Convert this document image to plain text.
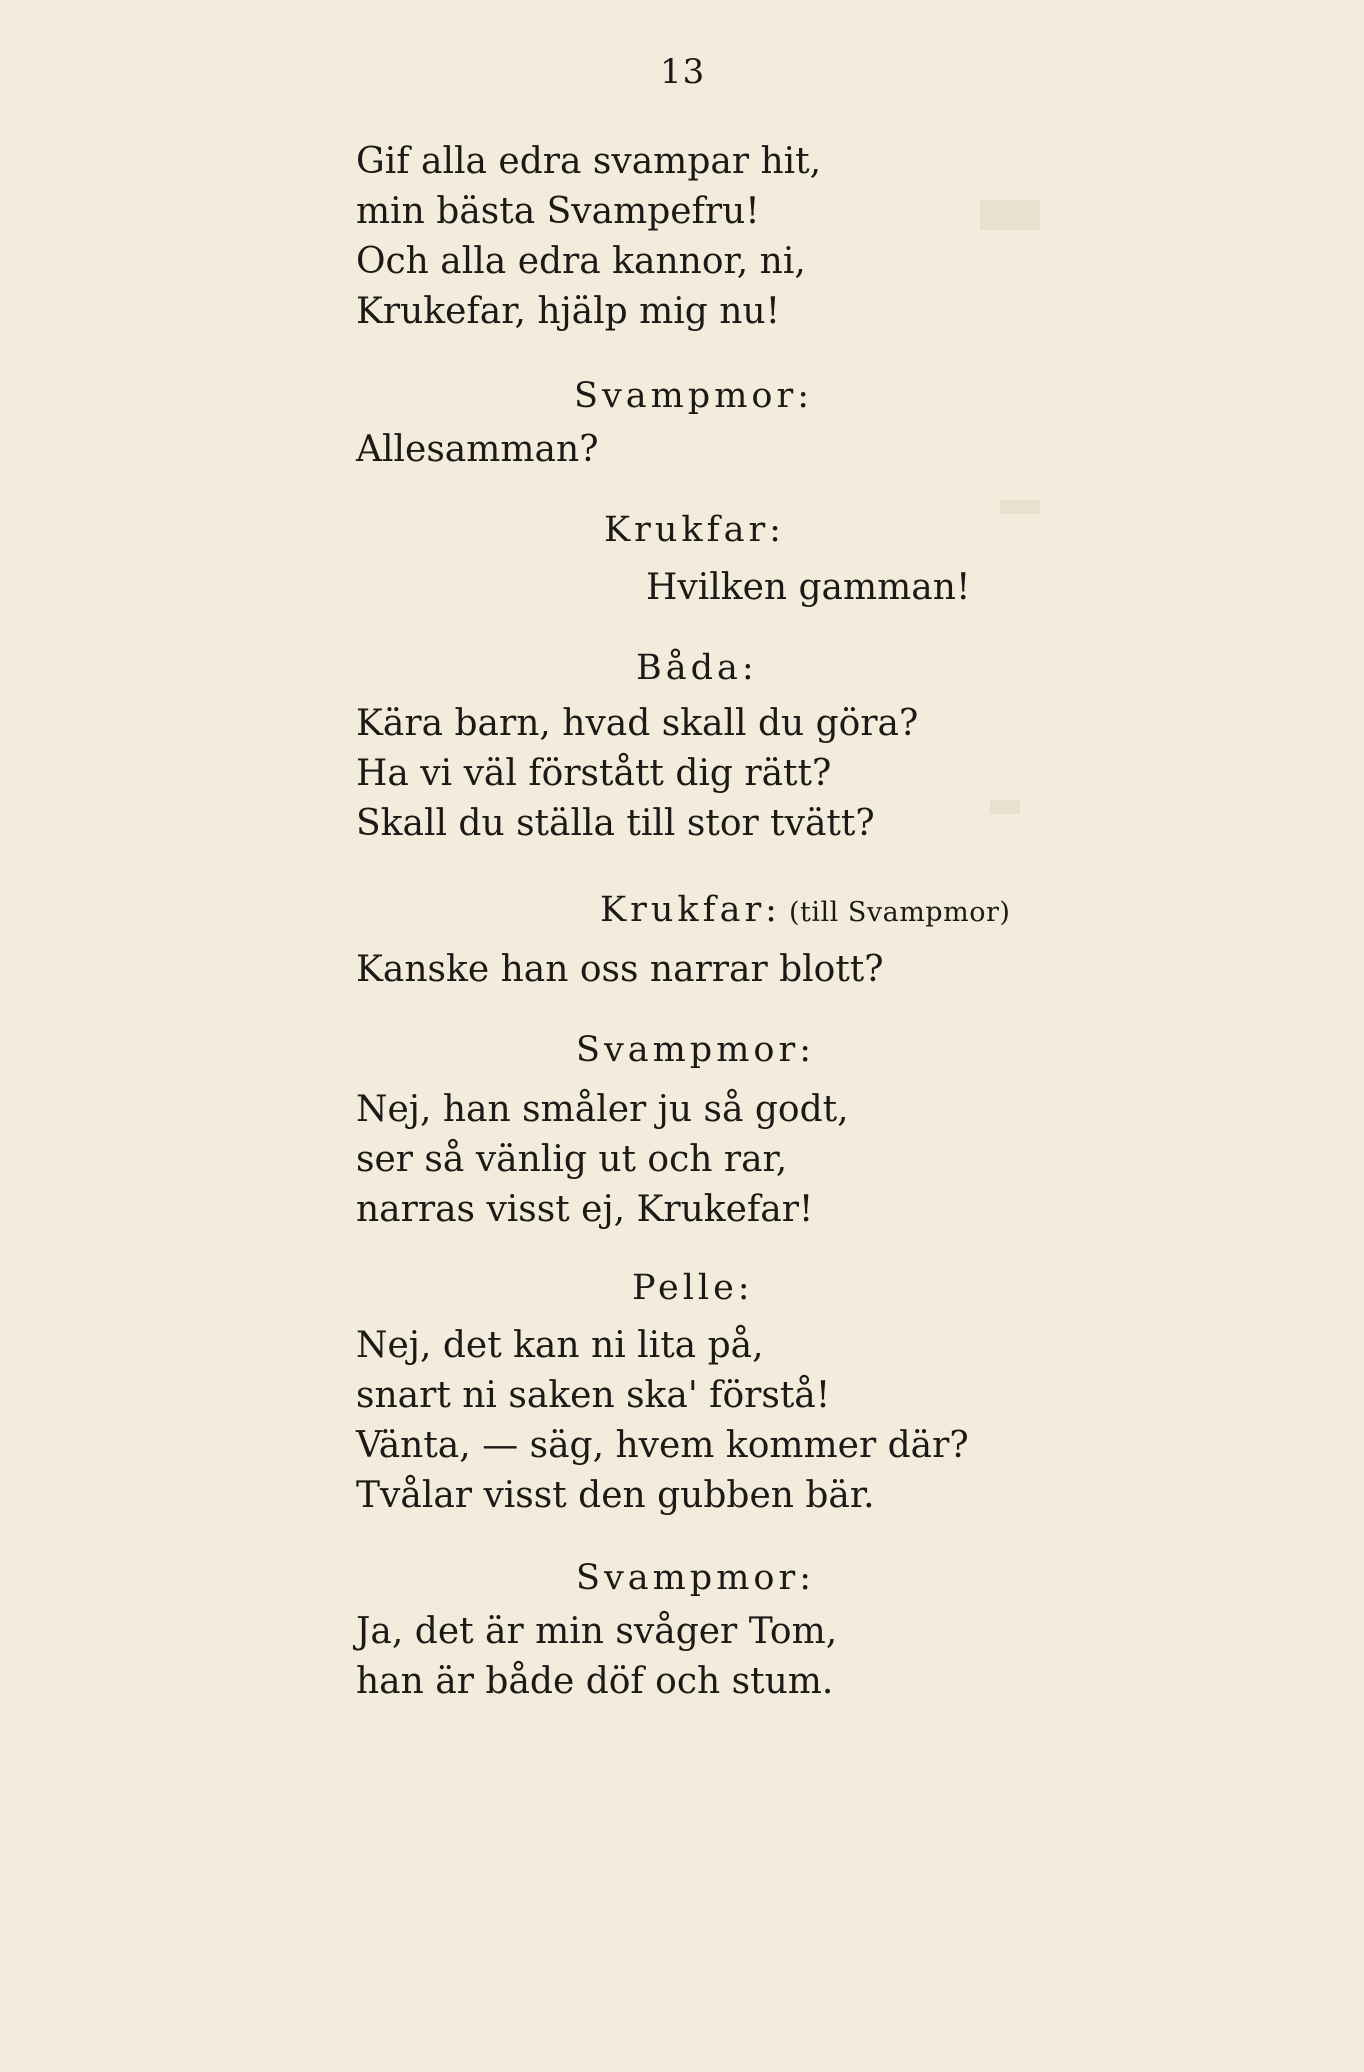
13
Gif alla edra svampar hit,
min bästa Svampefru!
Och alla edra kannor, ni,
Krukefar, hjälp mig nu!
Svampmor:
Allesamman?
Krukfar:
Hvilken gamman!
Båda:
Kära barn, hvad skall du göra?
Ha vi väl förstått dig rätt?
Skall du ställa till stor tvätt?
Krukfar: (till Svampmor)
Kanske han oss narrar blott?
Svampmor:
Nej, han småler ju så godt,
ser så vänlig ut och rar,
narras visst ej, Krukefar!
Pelle:
Nej, det kan ni lita på,
snart ni saken ska' förstå!
Vänta, — säg, hvem kommer där?
Tvålar visst den gubben bär.
Svampmor:
Ja, det är min svåger Tom,
han är både döf och stum.
